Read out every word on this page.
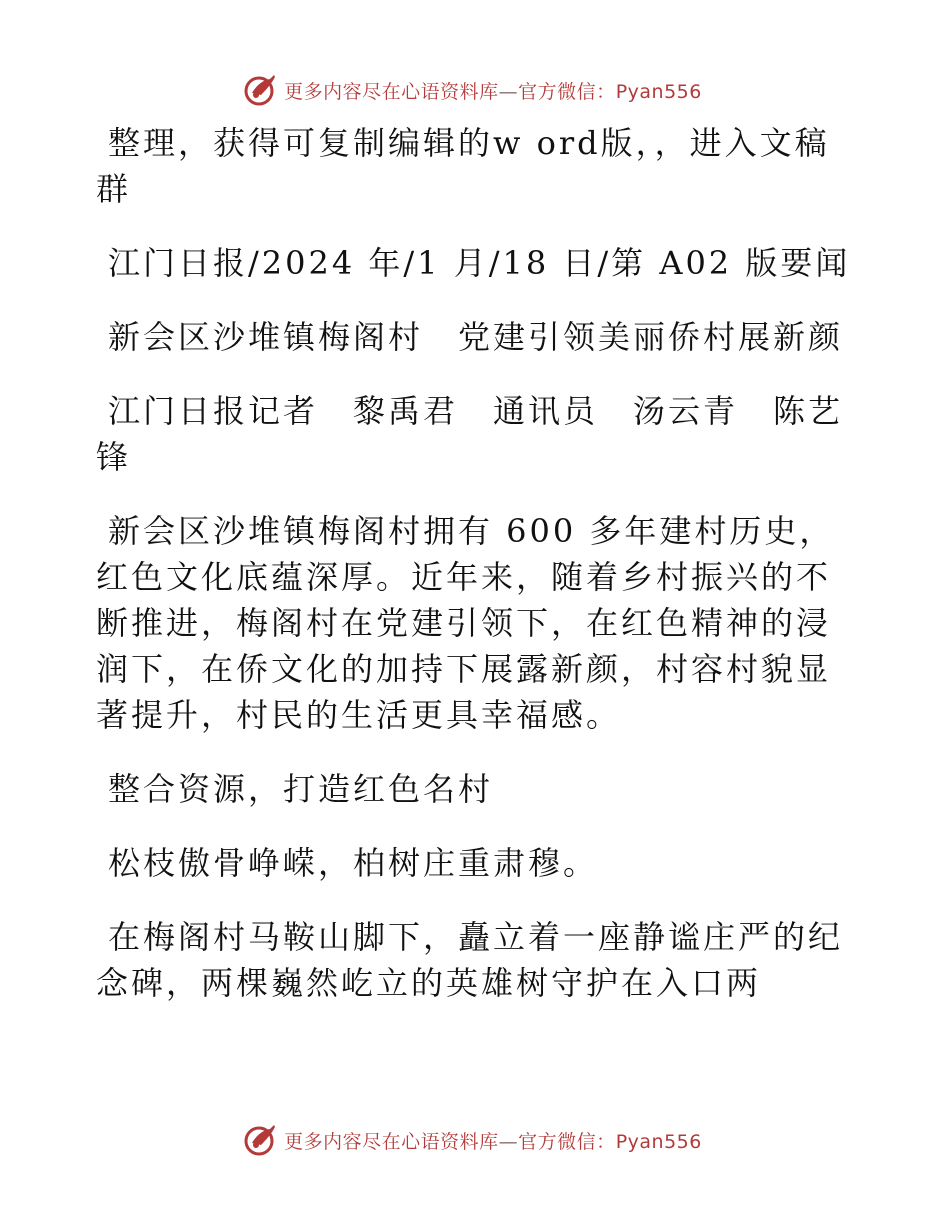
更多内容尽在心语资料库—官方微信：Pyan556

整理，获得可复制编辑的w ord版，，进入文稿群

江门日报/2024 年/1 月/18 日/第 A02 版要闻

新会区沙堆镇梅阁村　党建引领美丽侨村展新颜

江门日报记者　黎禹君　通讯员　汤云青　陈艺锋

新会区沙堆镇梅阁村拥有 600 多年建村历史，红色文化底蕴深厚。近年来，随着乡村振兴的不断推进，梅阁村在党建引领下，在红色精神的浸润下，在侨文化的加持下展露新颜，村容村貌显著提升，村民的生活更具幸福感。

整合资源，打造红色名村

松枝傲骨峥嵘，柏树庄重肃穆。

在梅阁村马鞍山脚下，矗立着一座静谧庄严的纪念碑，两棵巍然屹立的英雄树守护在入口两

更多内容尽在心语资料库—官方微信：Pyan556
